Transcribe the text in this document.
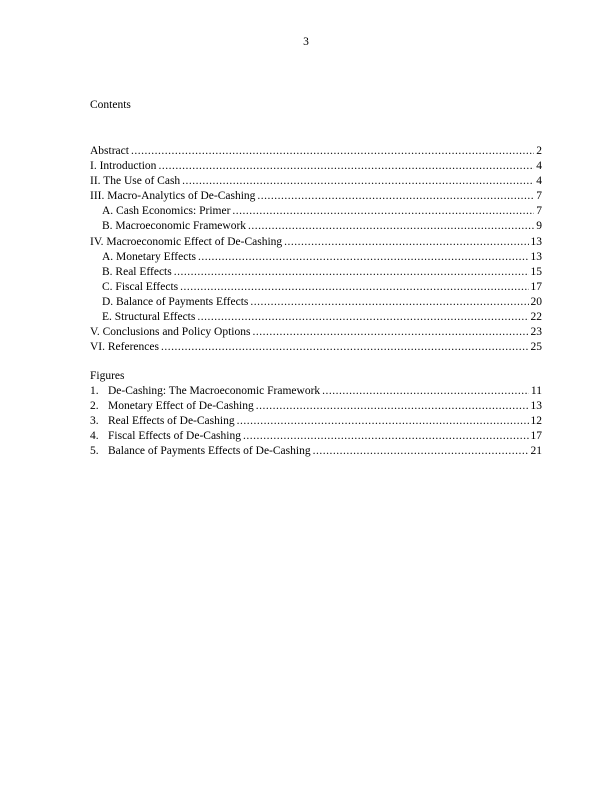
3
Contents
Abstract .....	2
I. Introduction .....	4
II. The Use of Cash .....	4
III. Macro-Analytics of De-Cashing .....	7
A. Cash Economics: Primer .....	7
B. Macroeconomic Framework .....	9
IV. Macroeconomic Effect of De-Cashing .....	13
A. Monetary Effects .....	13
B. Real Effects .....	15
C. Fiscal Effects .....	17
D. Balance of Payments Effects .....	20
E. Structural Effects .....	22
V. Conclusions and Policy Options .....	23
VI. References .....	25
Figures
1. De-Cashing: The Macroeconomic Framework .....	11
2. Monetary Effect of De-Cashing .....	13
3. Real Effects of De-Cashing .....	12
4. Fiscal Effects of De-Cashing .....	17
5. Balance of Payments Effects of De-Cashing .....	21
